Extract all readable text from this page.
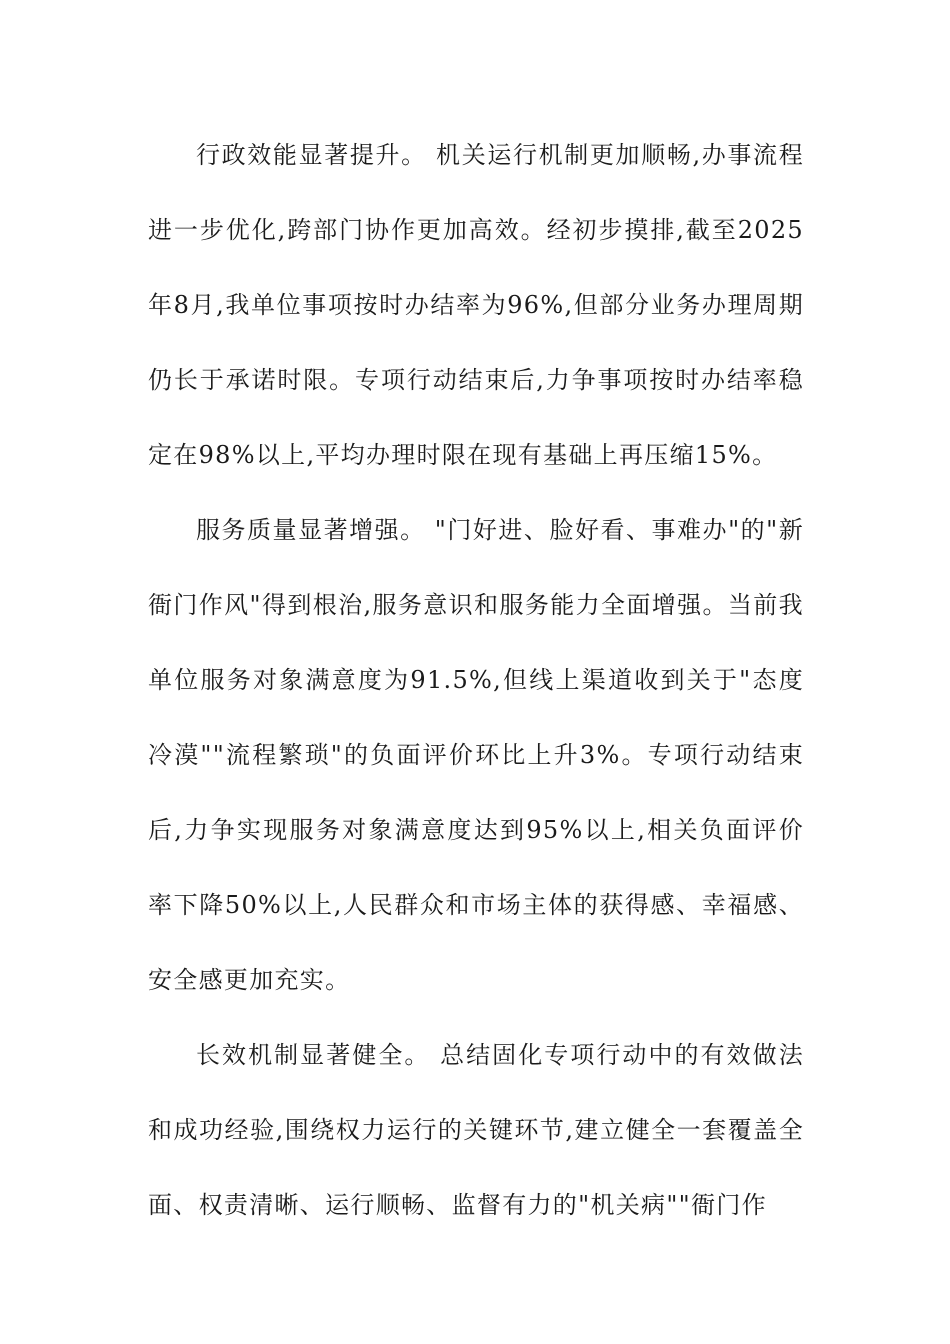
行政效能显著提升。 机关运行机制更加顺畅,办事流程进一步优化,跨部门协作更加高效。经初步摸排,截至2025年8月,我单位事项按时办结率为96%,但部分业务办理周期仍长于承诺时限。专项行动结束后,力争事项按时办结率稳定在98%以上,平均办理时限在现有基础上再压缩15%。

服务质量显著增强。 "门好进、脸好看、事难办"的"新衙门作风"得到根治,服务意识和服务能力全面增强。当前我单位服务对象满意度为91.5%,但线上渠道收到关于"态度冷漠""流程繁琐"的负面评价环比上升3%。专项行动结束后,力争实现服务对象满意度达到95%以上,相关负面评价率下降50%以上,人民群众和市场主体的获得感、幸福感、安全感更加充实。

长效机制显著健全。 总结固化专项行动中的有效做法和成功经验,围绕权力运行的关键环节,建立健全一套覆盖全面、权责清晰、运行顺畅、监督有力的"机关病""衙门作
